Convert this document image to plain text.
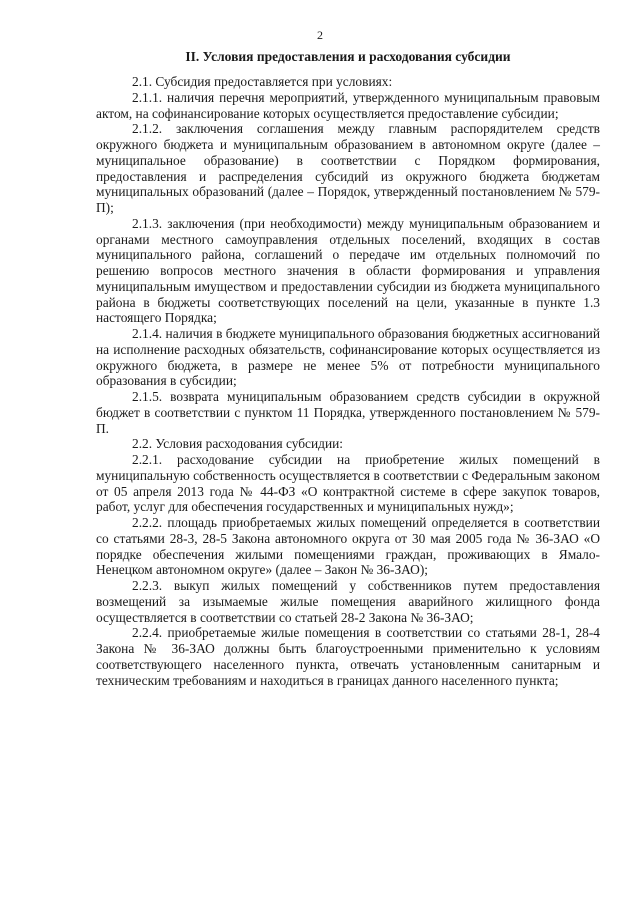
2
II. Условия предоставления и расходования субсидии

2.1. Субсидия предоставляется при условиях:

2.1.1. наличия перечня мероприятий, утвержденного муниципальным правовым актом, на софинансирование которых осуществляется предоставление субсидии;

2.1.2. заключения соглашения между главным распорядителем средств окружного бюджета и муниципальным образованием в автономном округе (далее – муниципальное образование) в соответствии с Порядком формирования, предоставления и распределения субсидий из окружного бюджета бюджетам муниципальных образований (далее – Порядок, утвержденный постановлением № 579-П);

2.1.3. заключения (при необходимости) между муниципальным образованием и органами местного самоуправления отдельных поселений, входящих в состав муниципального района, соглашений о передаче им отдельных полномочий по решению вопросов местного значения в области формирования и управления муниципальным имуществом и предоставлении субсидии из бюджета муниципального района в бюджеты соответствующих поселений на цели, указанные в пункте 1.3 настоящего Порядка;

2.1.4. наличия в бюджете муниципального образования бюджетных ассигнований на исполнение расходных обязательств, софинансирование которых осуществляется из окружного бюджета, в размере не менее 5% от потребности муниципального образования в субсидии;

2.1.5. возврата муниципальным образованием средств субсидии в окружной бюджет в соответствии с пунктом 11 Порядка, утвержденного постановлением № 579-П.

2.2. Условия расходования субсидии:

2.2.1. расходование субсидии на приобретение жилых помещений в муниципальную собственность осуществляется в соответствии с Федеральным законом от 05 апреля 2013 года № 44-ФЗ «О контрактной системе в сфере закупок товаров, работ, услуг для обеспечения государственных и муниципальных нужд»;

2.2.2. площадь приобретаемых жилых помещений определяется в соответствии со статьями 28-3, 28-5 Закона автономного округа от 30 мая 2005 года № 36-ЗАО «О порядке обеспечения жилыми помещениями граждан, проживающих в Ямало-Ненецком автономном округе» (далее – Закон № 36-ЗАО);

2.2.3. выкуп жилых помещений у собственников путем предоставления возмещений за изымаемые жилые помещения аварийного жилищного фонда осуществляется в соответствии со статьей 28-2 Закона № 36-ЗАО;

2.2.4. приобретаемые жилые помещения в соответствии со статьями 28-1, 28-4 Закона № 36-ЗАО должны быть благоустроенными применительно к условиям соответствующего населенного пункта, отвечать установленным санитарным и техническим требованиям и находиться в границах данного населенного пункта;
